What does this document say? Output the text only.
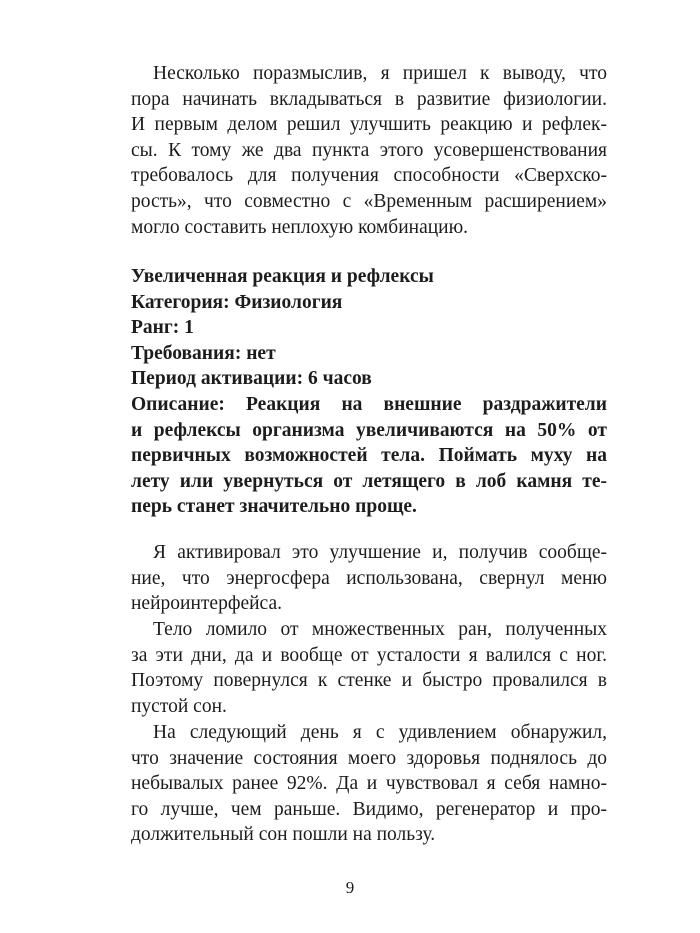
Несколько поразмыслив, я пришел к выводу, что
пора начинать вкладываться в развитие физиологии.
И первым делом решил улучшить реакцию и рефлек-
сы. К тому же два пункта этого усовершенствования
требовалось для получения способности «Сверхско-
рость», что совместно с «Временным расширением»
могло составить неплохую комбинацию.
Увеличенная реакция и рефлексы
Категория: Физиология
Ранг: 1
Требования: нет
Период активации: 6 часов
Описание: Реакция на внешние раздражители
и рефлексы организма увеличиваются на 50% от
первичных возможностей тела. Поймать муху на
лету или увернуться от летящего в лоб камня те-
перь станет значительно проще.
Я активировал это улучшение и, получив сообще-
ние, что энергосфера использована, свернул меню
нейроинтерфейса.
Тело ломило от множественных ран, полученных
за эти дни, да и вообще от усталости я валился с ног.
Поэтому повернулся к стенке и быстро провалился в
пустой сон.
На следующий день я с удивлением обнаружил,
что значение состояния моего здоровья поднялось до
небывалых ранее 92%. Да и чувствовал я себя намно-
го лучше, чем раньше. Видимо, регенератор и про-
должительный сон пошли на пользу.
9
